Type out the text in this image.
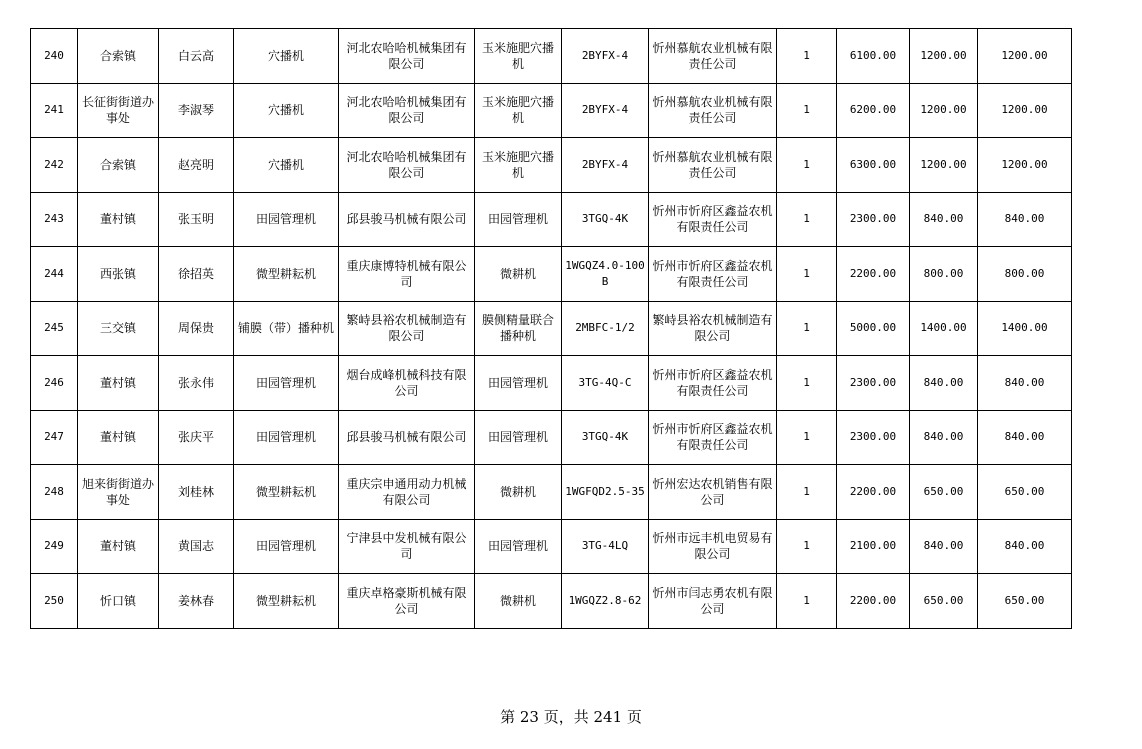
240	合索镇	白云高	穴播机	河北农哈哈机械集团有限公司	玉米施肥穴播机	2BYFX-4	忻州慕航农业机械有限责任公司	1	6100.00	1200.00	1200.00
241	长征街街道办事处	李淑琴	穴播机	河北农哈哈机械集团有限公司	玉米施肥穴播机	2BYFX-4	忻州慕航农业机械有限责任公司	1	6200.00	1200.00	1200.00
242	合索镇	赵亮明	穴播机	河北农哈哈机械集团有限公司	玉米施肥穴播机	2BYFX-4	忻州慕航农业机械有限责任公司	1	6300.00	1200.00	1200.00
243	董村镇	张玉明	田园管理机	邱县骏马机械有限公司	田园管理机	3TGQ-4K	忻州市忻府区鑫益农机有限责任公司	1	2300.00	840.00	840.00
244	西张镇	徐招英	微型耕耘机	重庆康博特机械有限公司	微耕机	1WGQZ4.0-100B	忻州市忻府区鑫益农机有限责任公司	1	2200.00	800.00	800.00
245	三交镇	周保贵	铺膜（带）播种机	繁峙县裕农机械制造有限公司	膜侧精量联合播种机	2MBFC-1/2	繁峙县裕农机械制造有限公司	1	5000.00	1400.00	1400.00
246	董村镇	张永伟	田园管理机	烟台成峰机械科技有限公司	田园管理机	3TG-4Q-C	忻州市忻府区鑫益农机有限责任公司	1	2300.00	840.00	840.00
247	董村镇	张庆平	田园管理机	邱县骏马机械有限公司	田园管理机	3TGQ-4K	忻州市忻府区鑫益农机有限责任公司	1	2300.00	840.00	840.00
248	旭来街街道办事处	刘桂林	微型耕耘机	重庆宗申通用动力机械有限公司	微耕机	1WGFQD2.5-35	忻州宏达农机销售有限公司	1	2200.00	650.00	650.00
249	董村镇	黄国志	田园管理机	宁津县中发机械有限公司	田园管理机	3TG-4LQ	忻州市远丰机电贸易有限公司	1	2100.00	840.00	840.00
250	忻口镇	姜林春	微型耕耘机	重庆卓格豪斯机械有限公司	微耕机	1WGQZ2.8-62	忻州市闫志勇农机有限公司	1	2200.00	650.00	650.00
第 23 页，共 241 页
